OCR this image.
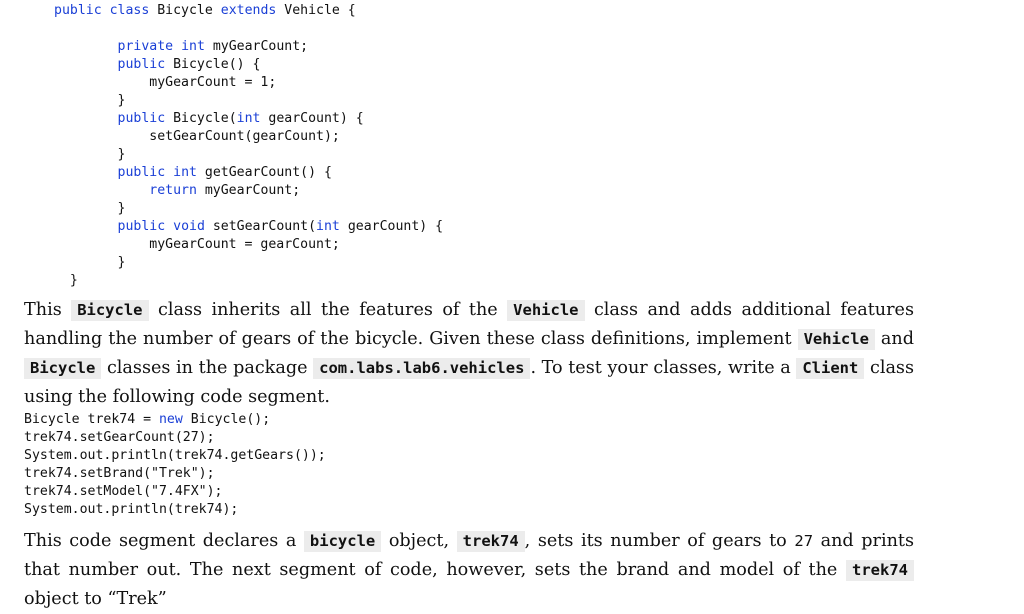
public class Bicycle extends Vehicle {

private int myGearCount;
public Bicycle() {
myGearCount = 1;
}
public Bicycle(int gearCount) {
setGearCount(gearCount);
}
public int getGearCount() {
return myGearCount;
}
public void setGearCount(int gearCount) {
myGearCount = gearCount;
}
}

This Bicycle class inherits all the features of the Vehicle class and adds additional features handling the number of gears of the bicycle. Given these class definitions, implement Vehicle and Bicycle classes in the package com.labs.lab6.vehicles . To test your classes, write a Client class using the following code segment.

Bicycle trek74 = new Bicycle();
trek74.setGearCount(27);
System.out.println(trek74.getGears());
trek74.setBrand("Trek");
trek74.setModel("7.4FX");
System.out.println(trek74);

This code segment declares a bicycle object, trek74 , sets its number of gears to 27 and prints that number out. The next segment of code, however, sets the brand and model of the trek74 object to “Trek”
